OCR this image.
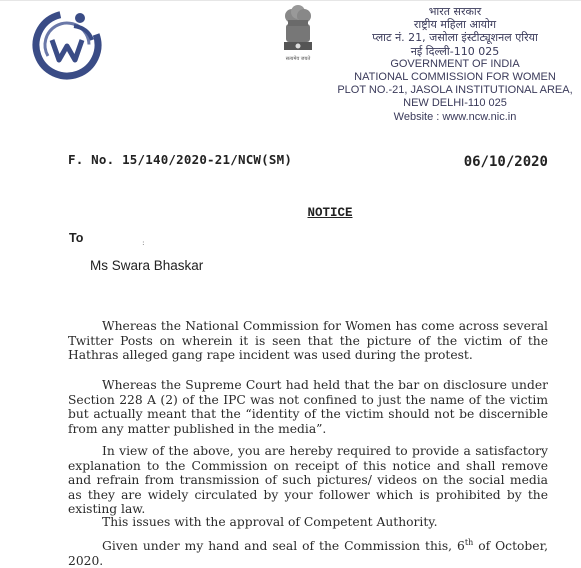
सत्यमेव जयते
भारत सरकार
राष्ट्रीय महिला आयोग
प्लाट नं. 21, जसोला इंस्टीट्यूशनल एरिया
नई दिल्ली-110 025
GOVERNMENT OF INDIA
NATIONAL COMMISSION FOR WOMEN
PLOT NO.-21, JASOLA INSTITUTIONAL AREA,
NEW DELHI-110 025
Website : www.ncw.nic.in
F. No. 15/140/2020-21/NCW(SM)	06/10/2020
NOTICE
To	:
Ms Swara Bhaskar
Whereas the National Commission for Women has come across several Twitter Posts on wherein it is seen that the picture of the victim of the Hathras alleged gang rape incident was used during the protest.
Whereas the Supreme Court had held that the bar on disclosure under Section 228 A (2) of the IPC was not confined to just the name of the victim but actually meant that the “identity of the victim should not be discernible from any matter published in the media”.
In view of the above, you are hereby required to provide a satisfactory explanation to the Commission on receipt of this notice and shall remove and refrain from transmission of such pictures/ videos on the social media as they are widely circulated by your follower which is prohibited by the existing law.
This issues with the approval of Competent Authority.
Given under my hand and seal of the Commission this, 6th of October, 2020.
